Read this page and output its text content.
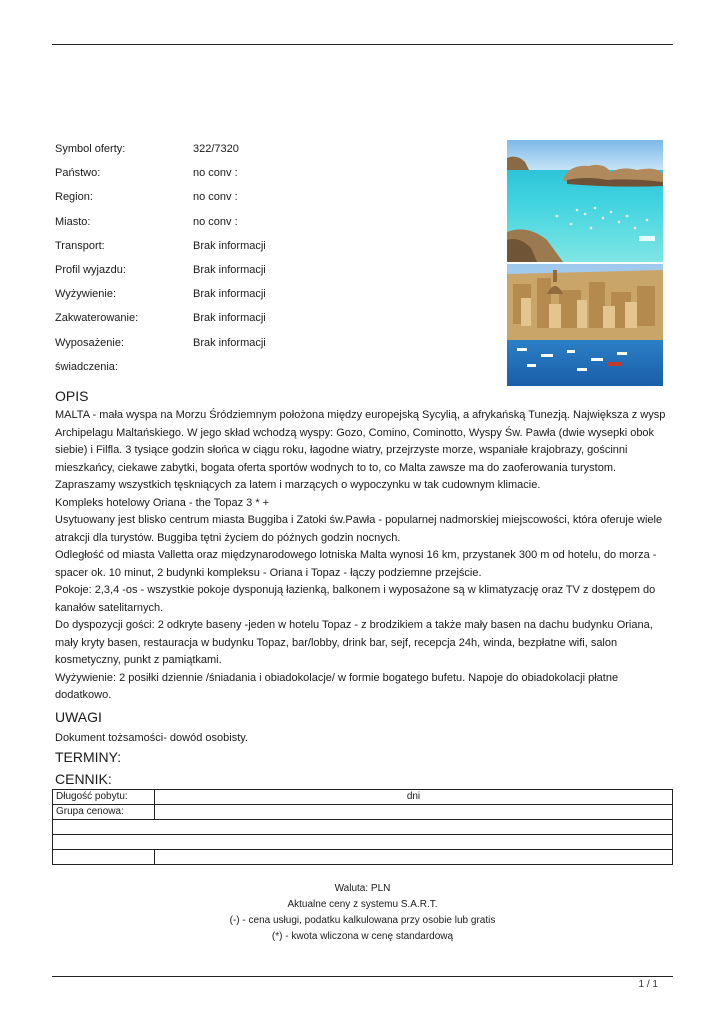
Symbol oferty:	322/7320
Państwo:	no conv :
Region:	no conv :
Miasto:	no conv :
Transport:	Brak informacji
Profil wyjazdu:	Brak informacji
Wyżywienie:	Brak informacji
Zakwaterowanie:	Brak informacji
Wyposażenie:	Brak informacji
świadczenia:
OPIS

MALTA - mała wyspa na Morzu Śródziemnym położona między europejską Sycylią, a afrykańską Tunezją. Największa z wysp Archipelagu Maltańskiego. W jego skład wchodzą wyspy: Gozo, Comino, Cominotto, Wyspy Św. Pawła (dwie wysepki obok siebie) i Filfla. 3 tysiące godzin słońca w ciągu roku, łagodne wiatry, przejrzyste morze, wspaniałe krajobrazy, gościnni mieszkańcy, ciekawe zabytki, bogata oferta sportów wodnych to to, co Malta zawsze ma do zaoferowania turystom.

Zapraszamy wszystkich tęskniących za latem i marzących o wypoczynku w tak cudownym klimacie.

Kompleks hotelowy Oriana - the Topaz 3 * +

Usytuowany jest blisko centrum miasta Buggiba i Zatoki św.Pawła - popularnej nadmorskiej miejscowości, która oferuje wiele atrakcji dla turystów. Buggiba tętni życiem do późnych godzin nocnych.

Odległość od miasta Valletta oraz międzynarodowego lotniska Malta wynosi 16 km, przystanek 300 m od hotelu, do morza - spacer ok. 10 minut, 2 budynki kompleksu - Oriana i Topaz - łączy podziemne przejście.

Pokoje: 2,3,4 -os - wszystkie pokoje dysponują łazienką, balkonem i wyposażone są w klimatyzację oraz TV z dostępem do kanałów satelitarnych.

Do dyspozycji gości: 2 odkryte baseny -jeden w hotelu Topaz - z brodzikiem a także mały basen na dachu budynku Oriana, mały kryty basen, restauracja w budynku Topaz, bar/lobby, drink bar, sejf, recepcja 24h, winda, bezpłatne wifi, salon kosmetyczny, punkt z pamiątkami.

Wyżywienie: 2 posiłki dziennie /śniadania i obiadokolacje/ w formie bogatego bufetu. Napoje do obiadokolacji płatne dodatkowo.

UWAGI

Dokument tożsamości- dowód osobisty.

TERMINY:
CENNIK:
Długość pobytu:	dni
Grupa cenowa:	

Waluta: PLN
Aktualne ceny z systemu S.A.R.T.
(-) - cena usługi, podatku kalkulowana przy osobie lub gratis
(*) - kwota wliczona w cenę standardową
1 / 1
